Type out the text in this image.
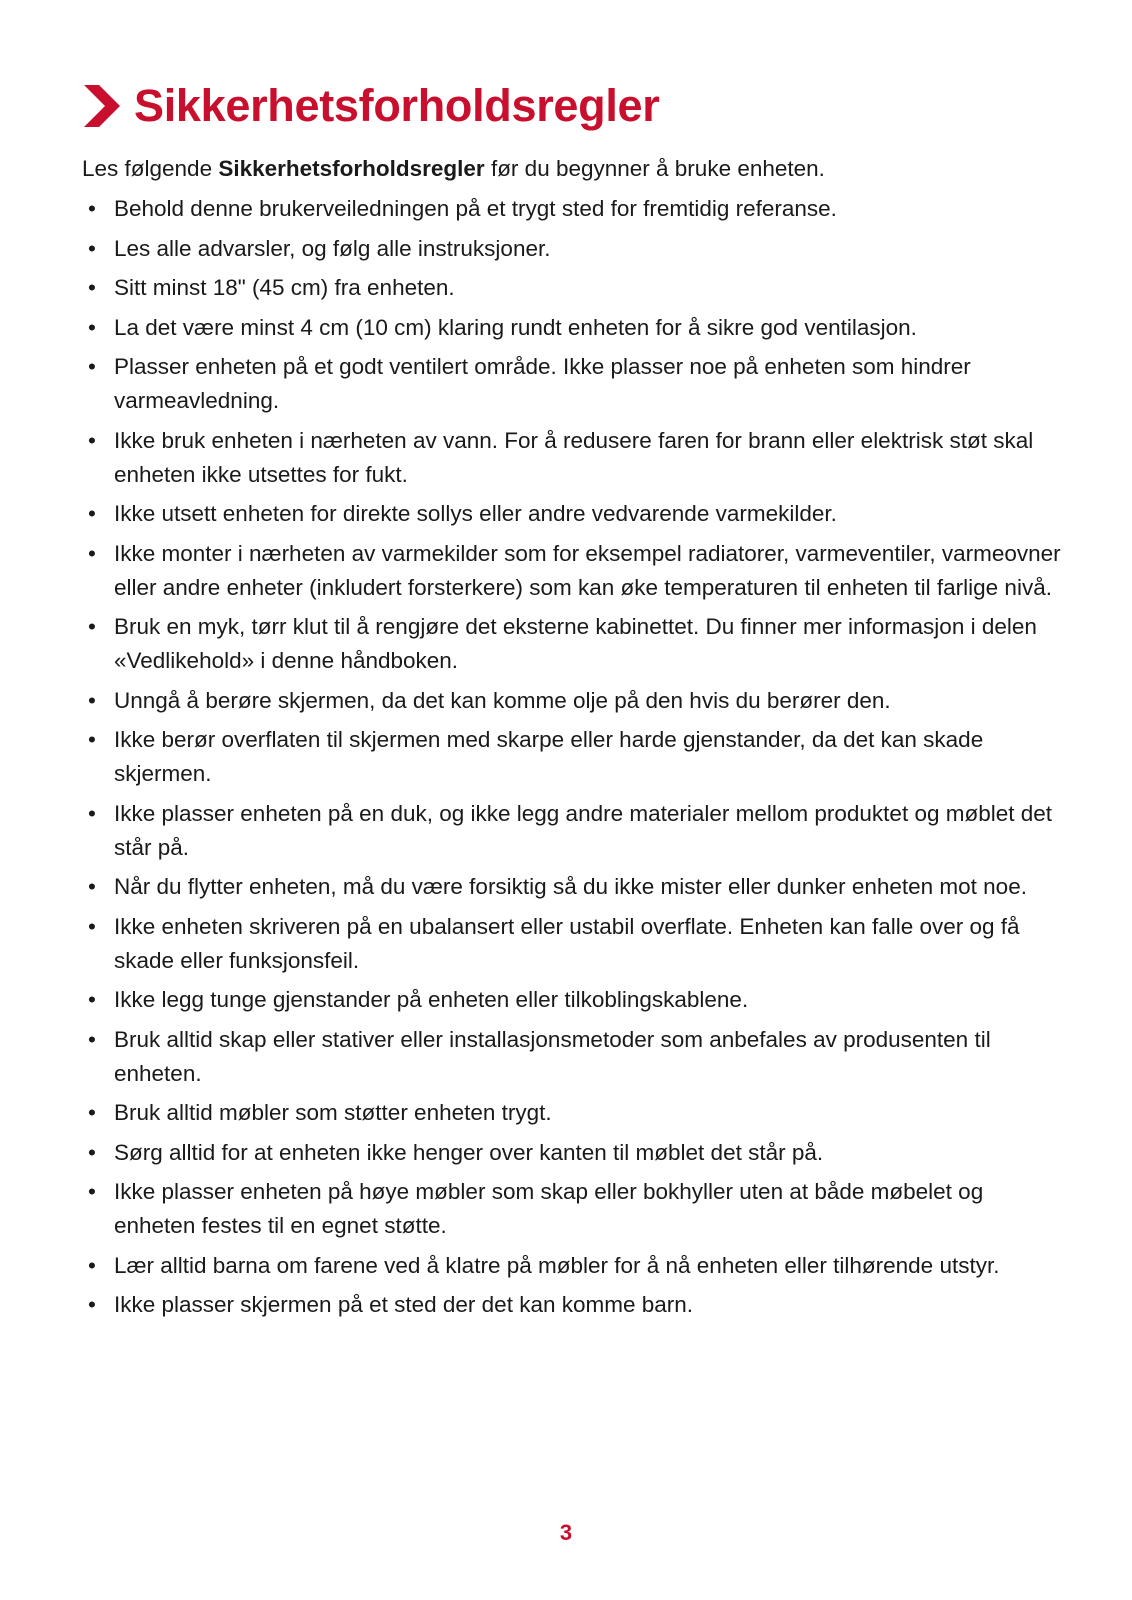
Sikkerhetsforholdsregler

Les følgende Sikkerhetsforholdsregler før du begynner å bruke enheten.

• Behold denne brukerveiledningen på et trygt sted for fremtidig referanse.
• Les alle advarsler, og følg alle instruksjoner.
• Sitt minst 18" (45 cm) fra enheten.
• La det være minst 4 cm (10 cm) klaring rundt enheten for å sikre god ventilasjon.
• Plasser enheten på et godt ventilert område. Ikke plasser noe på enheten som hindrer varmeavledning.
• Ikke bruk enheten i nærheten av vann. For å redusere faren for brann eller elektrisk støt skal enheten ikke utsettes for fukt.
• Ikke utsett enheten for direkte sollys eller andre vedvarende varmekilder.
• Ikke monter i nærheten av varmekilder som for eksempel radiatorer, varmeventiler, varmeovner eller andre enheter (inkludert forsterkere) som kan øke temperaturen til enheten til farlige nivå.
• Bruk en myk, tørr klut til å rengjøre det eksterne kabinettet. Du finner mer informasjon i delen «Vedlikehold» i denne håndboken.
• Unngå å berøre skjermen, da det kan komme olje på den hvis du berører den.
• Ikke berør overflaten til skjermen med skarpe eller harde gjenstander, da det kan skade skjermen.
• Ikke plasser enheten på en duk, og ikke legg andre materialer mellom produktet og møblet det står på.
• Når du flytter enheten, må du være forsiktig så du ikke mister eller dunker enheten mot noe.
• Ikke enheten skriveren på en ubalansert eller ustabil overflate. Enheten kan falle over og få skade eller funksjonsfeil.
• Ikke legg tunge gjenstander på enheten eller tilkoblingskablene.
• Bruk alltid skap eller stativer eller installasjonsmetoder som anbefales av produsenten til enheten.
• Bruk alltid møbler som støtter enheten trygt.
• Sørg alltid for at enheten ikke henger over kanten til møblet det står på.
• Ikke plasser enheten på høye møbler som skap eller bokhyller uten at både møbelet og enheten festes til en egnet støtte.
• Lær alltid barna om farene ved å klatre på møbler for å nå enheten eller tilhørende utstyr.
• Ikke plasser skjermen på et sted der det kan komme barn.
3
